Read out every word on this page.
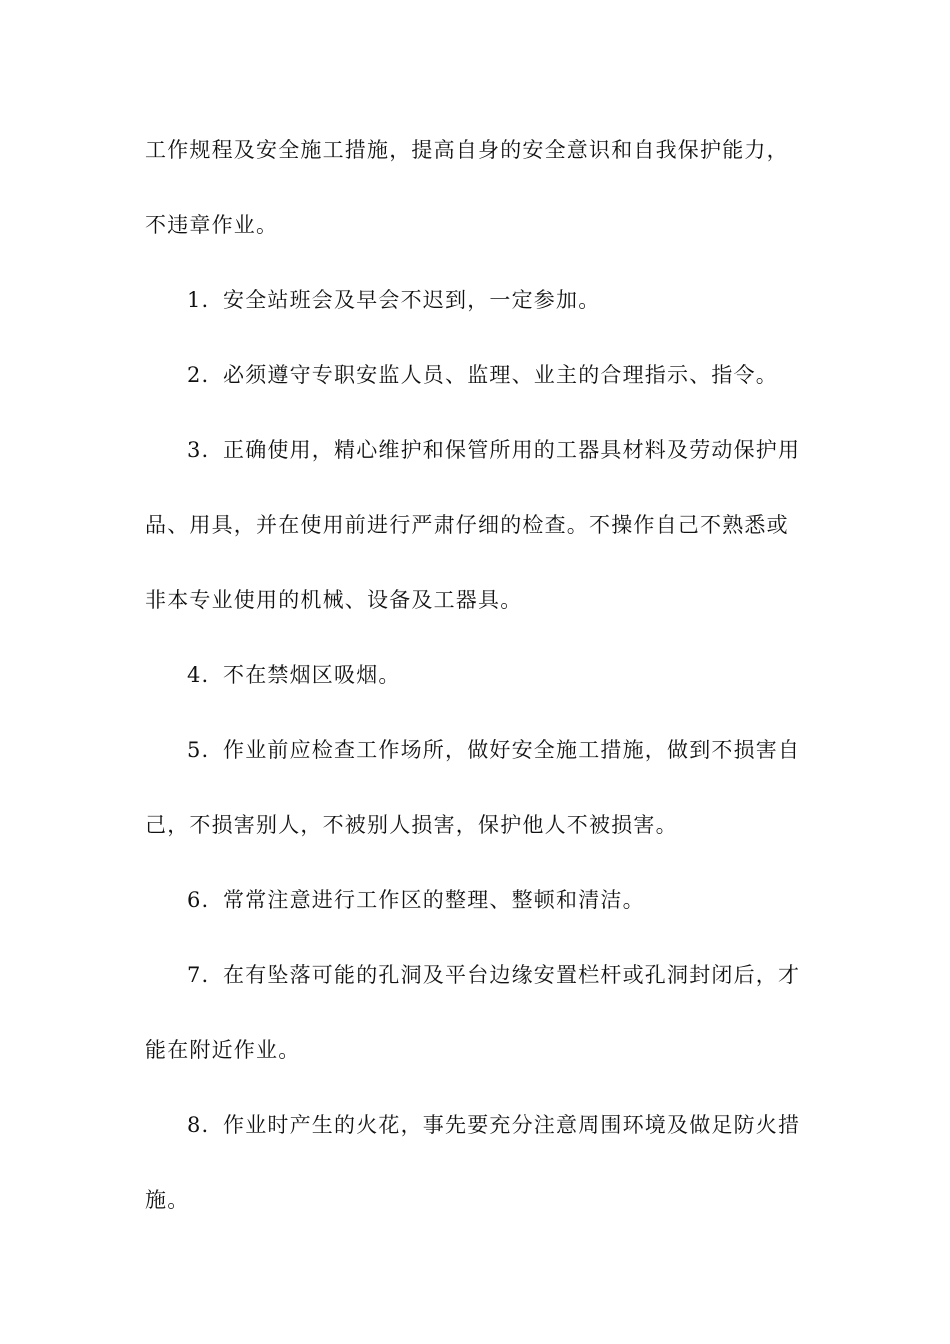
工作规程及安全施工措施，提高自身的安全意识和自我保护能力，
不违章作业。
1. 安全站班会及早会不迟到，一定参加。
2. 必须遵守专职安监人员、监理、业主的合理指示、指令。
3. 正确使用，精心维护和保管所用的工器具材料及劳动保护用
品、用具，并在使用前进行严肃仔细的检查。不操作自己不熟悉或
非本专业使用的机械、设备及工器具。
4. 不在禁烟区吸烟。
5. 作业前应检查工作场所，做好安全施工措施，做到不损害自
己，不损害别人，不被别人损害，保护他人不被损害。
6. 常常注意进行工作区的整理、整顿和清洁。
7. 在有坠落可能的孔洞及平台边缘安置栏杆或孔洞封闭后，才
能在附近作业。
8. 作业时产生的火花，事先要充分注意周围环境及做足防火措
施。
